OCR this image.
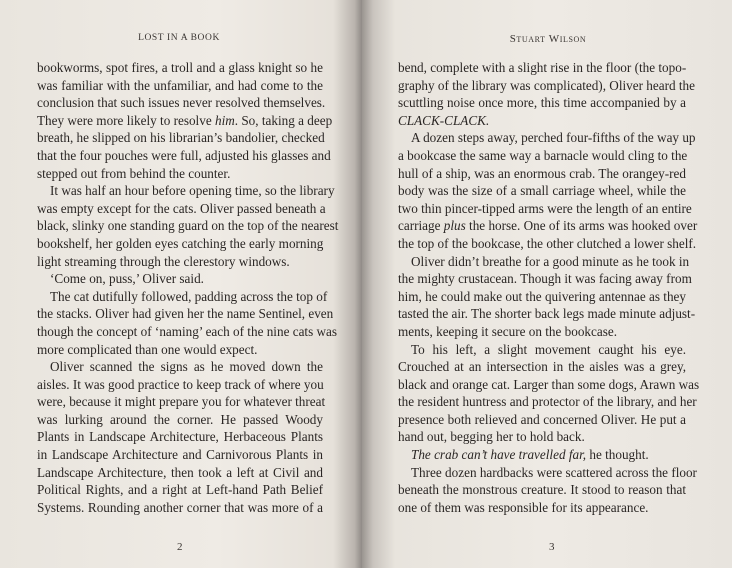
LOST IN A BOOK
bookworms, spot fires, a troll and a glass knight so he
was familiar with the unfamiliar, and had come to the
conclusion that such issues never resolved themselves.
They were more likely to resolve him. So, taking a deep
breath, he slipped on his librarian’s bandolier, checked
that the four pouches were full, adjusted his glasses and
stepped out from behind the counter.
It was half an hour before opening time, so the library
was empty except for the cats. Oliver passed beneath a
black, slinky one standing guard on the top of the nearest
bookshelf, her golden eyes catching the early morning
light streaming through the clerestory windows.
‘Come on, puss,’ Oliver said.
The cat dutifully followed, padding across the top of
the stacks. Oliver had given her the name Sentinel, even
though the concept of ‘naming’ each of the nine cats was
more complicated than one would expect.
Oliver scanned the signs as he moved down the
aisles. It was good practice to keep track of where you
were, because it might prepare you for whatever threat
was lurking around the corner. He passed Woody
Plants in Landscape Architecture, Herbaceous Plants
in Landscape Architecture and Carnivorous Plants in
Landscape Architecture, then took a left at Civil and
Political Rights, and a right at Left-hand Path Belief
Systems. Rounding another corner that was more of a
2
Stuart Wilson
bend, complete with a slight rise in the floor (the topo-
graphy of the library was complicated), Oliver heard the
scuttling noise once more, this time accompanied by a
CLACK-CLACK.
A dozen steps away, perched four-fifths of the way up
a bookcase the same way a barnacle would cling to the
hull of a ship, was an enormous crab. The orangey-red
body was the size of a small carriage wheel, while the
two thin pincer-tipped arms were the length of an entire
carriage plus the horse. One of its arms was hooked over
the top of the bookcase, the other clutched a lower shelf.
Oliver didn’t breathe for a good minute as he took in
the mighty crustacean. Though it was facing away from
him, he could make out the quivering antennae as they
tasted the air. The shorter back legs made minute adjust-
ments, keeping it secure on the bookcase.
To his left, a slight movement caught his eye.
Crouched at an intersection in the aisles was a grey,
black and orange cat. Larger than some dogs, Arawn was
the resident huntress and protector of the library, and her
presence both relieved and concerned Oliver. He put a
hand out, begging her to hold back.
The crab can’t have travelled far, he thought.
Three dozen hardbacks were scattered across the floor
beneath the monstrous creature. It stood to reason that
one of them was responsible for its appearance.
3
